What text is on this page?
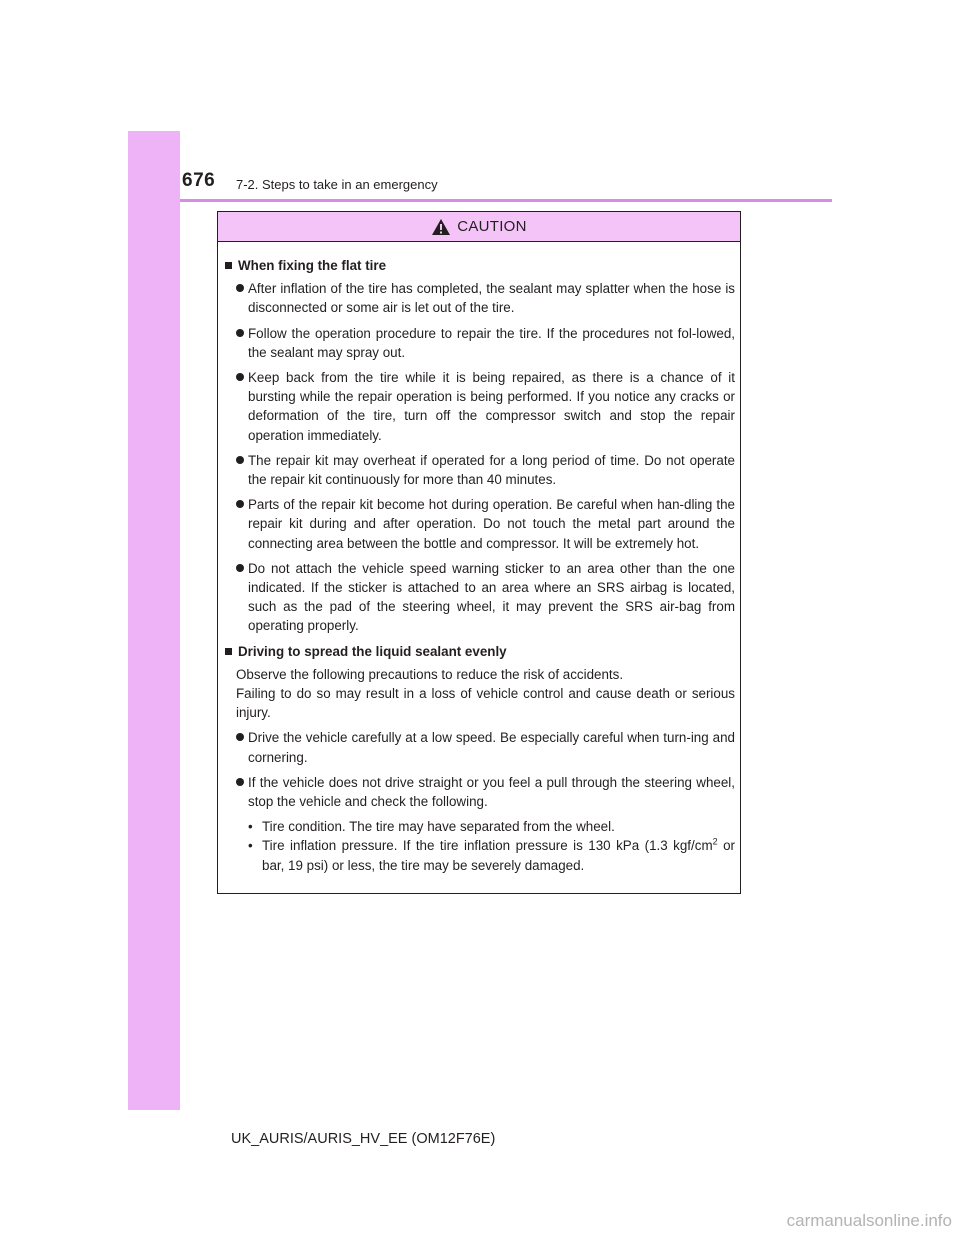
676 7-2. Steps to take in an emergency
CAUTION
When fixing the flat tire
After inflation of the tire has completed, the sealant may splatter when the hose is disconnected or some air is let out of the tire.
Follow the operation procedure to repair the tire. If the procedures not fol-lowed, the sealant may spray out.
Keep back from the tire while it is being repaired, as there is a chance of it bursting while the repair operation is being performed. If you notice any cracks or deformation of the tire, turn off the compressor switch and stop the repair operation immediately.
The repair kit may overheat if operated for a long period of time. Do not operate the repair kit continuously for more than 40 minutes.
Parts of the repair kit become hot during operation. Be careful when han-dling the repair kit during and after operation. Do not touch the metal part around the connecting area between the bottle and compressor. It will be extremely hot.
Do not attach the vehicle speed warning sticker to an area other than the one indicated. If the sticker is attached to an area where an SRS airbag is located, such as the pad of the steering wheel, it may prevent the SRS air-bag from operating properly.
Driving to spread the liquid sealant evenly
Observe the following precautions to reduce the risk of accidents.
Failing to do so may result in a loss of vehicle control and cause death or serious injury.
Drive the vehicle carefully at a low speed. Be especially careful when turn-ing and cornering.
If the vehicle does not drive straight or you feel a pull through the steering wheel, stop the vehicle and check the following.
• Tire condition. The tire may have separated from the wheel.
• Tire inflation pressure. If the tire inflation pressure is 130 kPa (1.3 kgf/$cm^2$ or bar, 19 psi) or less, the tire may be severely damaged.
UK_AURIS/AURIS_HV_EE (OM12F76E)
carmanualsonline.info
